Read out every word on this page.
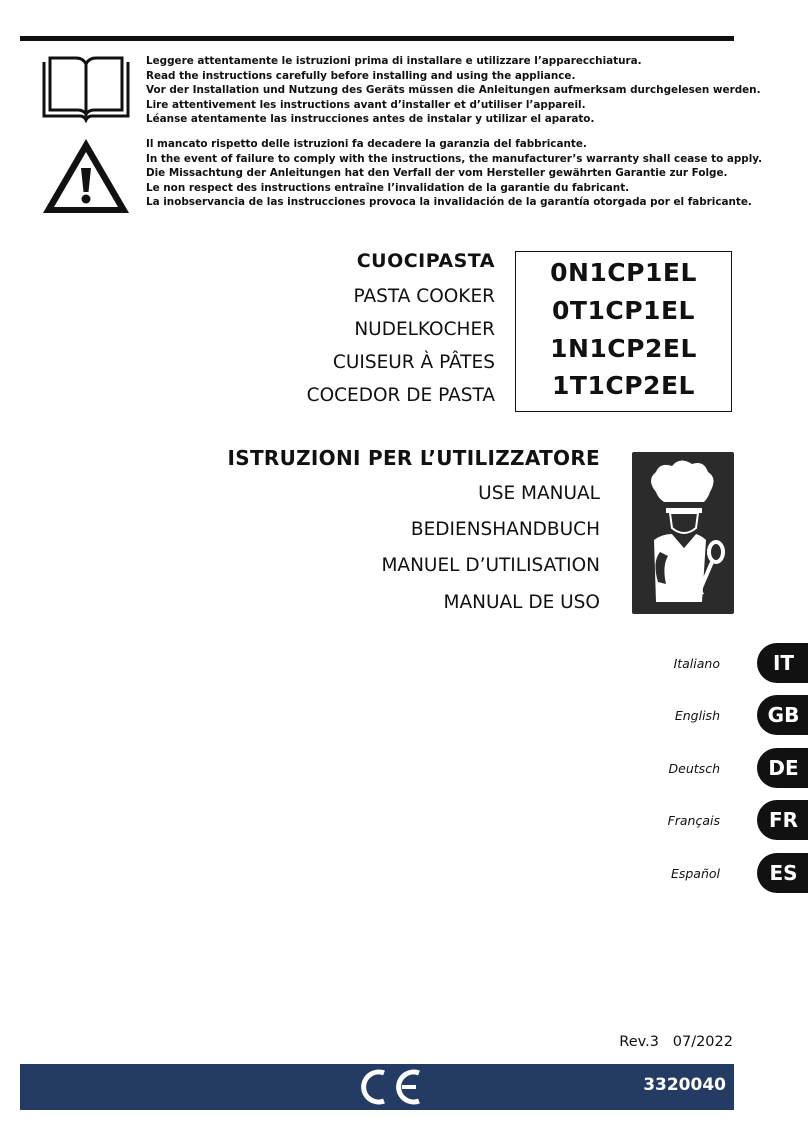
Leggere attentamente le istruzioni prima di installare e utilizzare l’apparecchiatura.
Read the instructions carefully before installing and using the appliance.
Vor der Installation und Nutzung des Geräts müssen die Anleitungen aufmerksam durchgelesen werden.
Lire attentivement les instructions avant d’installer et d’utiliser l’appareil.
Léanse atentamente las instrucciones antes de instalar y utilizar el aparato.
Il mancato rispetto delle istruzioni fa decadere la garanzia del fabbricante.
In the event of failure to comply with the instructions, the manufacturer’s warranty shall cease to apply.
Die Missachtung der Anleitungen hat den Verfall der vom Hersteller gewährten Garantie zur Folge.
Le non respect des instructions entraîne l’invalidation de la garantie du fabricant.
La inobservancia de las instrucciones provoca la invalidación de la garantía otorgada por el fabricante.
CUOCIPASTA
PASTA COOKER
NUDELKOCHER
CUISEUR À PÂTES
COCEDOR DE PASTA
0N1CP1EL
0T1CP1EL
1N1CP2EL
1T1CP2EL
ISTRUZIONI PER L’UTILIZZATORE
USE MANUAL
BEDIENSHANDBUCH
MANUEL D’UTILISATION
MANUAL DE USO
Italiano	IT
English	GB
Deutsch	DE
Français	FR
Español	ES
Rev.3 07/2022
3320040
